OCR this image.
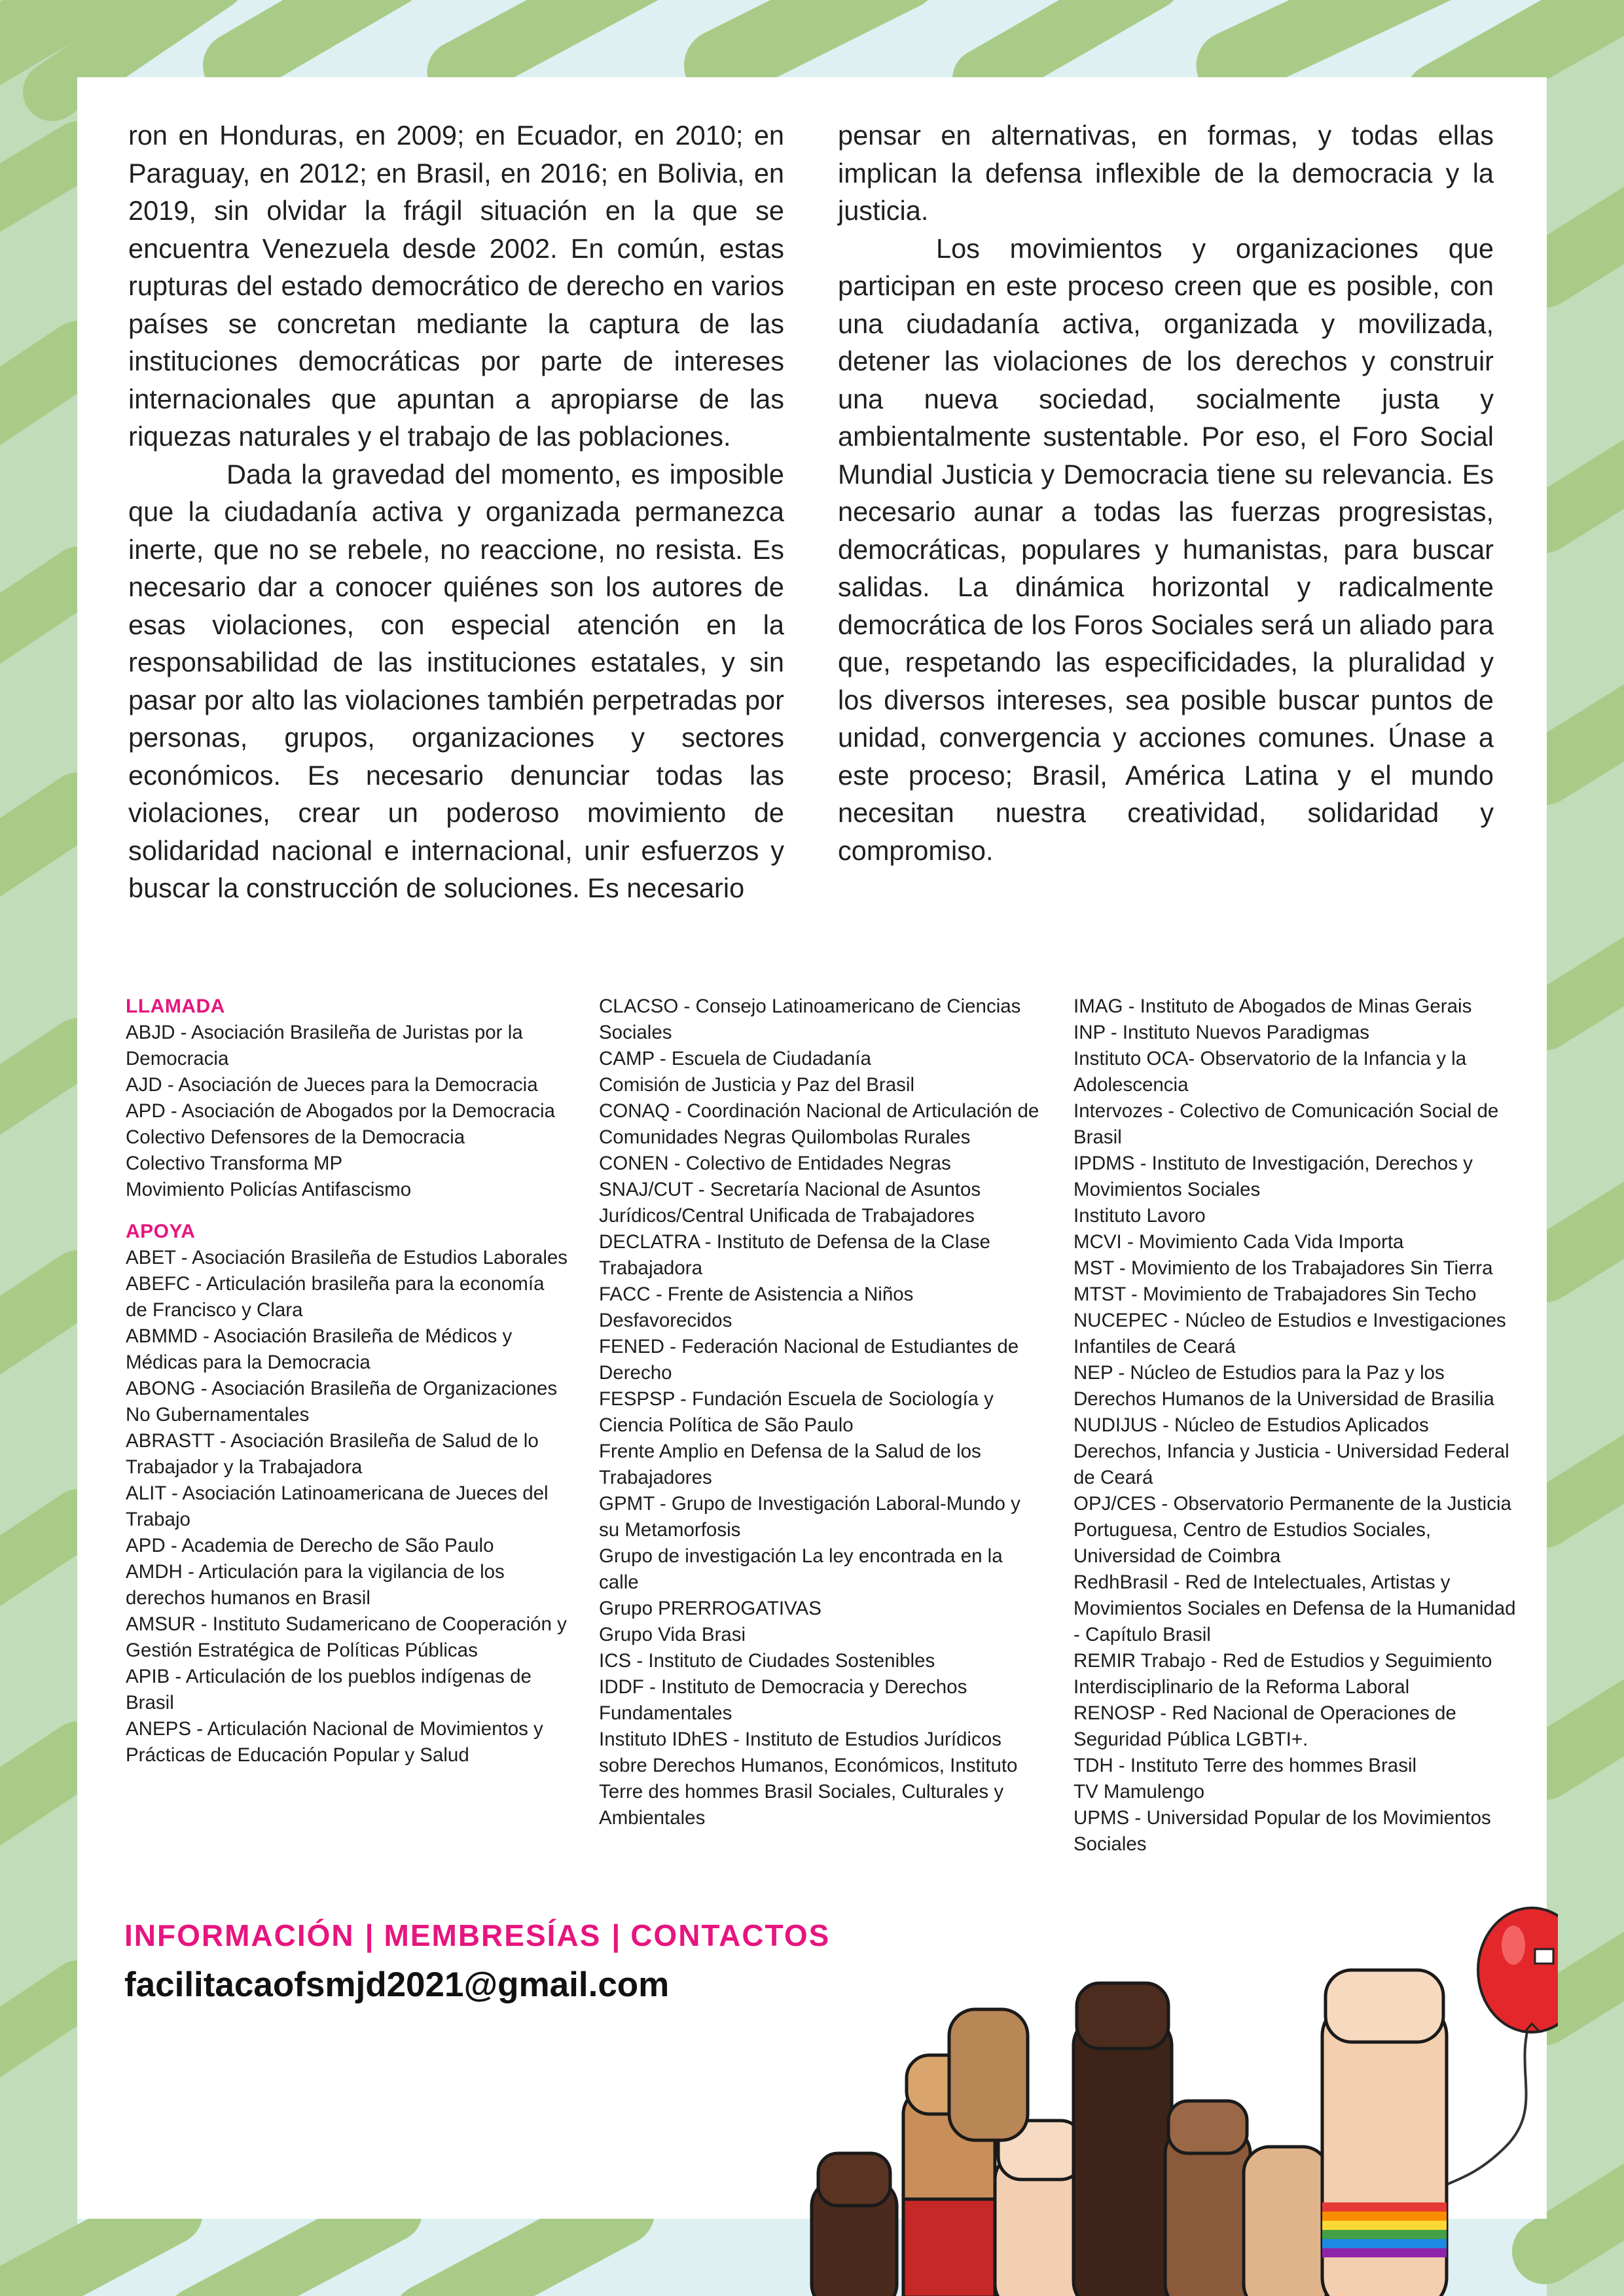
ron en Honduras, en 2009; en Ecuador, en 2010; en Paraguay, en 2012; en Brasil, en 2016; en Bolivia, en 2019, sin olvidar la frágil situación en la que se encuentra Venezuela desde 2002. En común, estas rupturas del estado democrático de derecho en varios países se concretan mediante la captura de las instituciones democráticas por parte de intereses internacionales que apuntan a apropiarse de las riquezas naturales y el trabajo de las poblaciones.

Dada la gravedad del momento, es imposible que la ciudadanía activa y organizada permanezca inerte, que no se rebele, no reaccione, no resista. Es necesario dar a conocer quiénes son los autores de esas violaciones, con especial atención en la responsabilidad de las instituciones estatales, y sin pasar por alto las violaciones también perpetradas por personas, grupos, organizaciones y sectores económicos. Es necesario denunciar todas las violaciones, crear un poderoso movimiento de solidaridad nacional e internacional, unir esfuerzos y buscar la construcción de soluciones. Es necesario

pensar en alternativas, en formas, y todas ellas implican la defensa inflexible de la democracia y la justicia.

Los movimientos y organizaciones que participan en este proceso creen que es posible, con una ciudadanía activa, organizada y movilizada, detener las violaciones de los derechos y construir una nueva sociedad, socialmente justa y ambientalmente sustentable. Por eso, el Foro Social Mundial Justicia y Democracia tiene su relevancia. Es necesario aunar a todas las fuerzas progresistas, democráticas, populares y humanistas, para buscar salidas. La dinámica horizontal y radicalmente democrática de los Foros Sociales será un aliado para que, respetando las especificidades, la pluralidad y los diversos intereses, sea posible buscar puntos de unidad, convergencia y acciones comunes. Únase a este proceso; Brasil, América Latina y el mundo necesitan nuestra creatividad, solidaridad y compromiso.

LLAMADA

ABJD - Asociación Brasileña de Juristas por la Democracia

AJD - Asociación de Jueces para la Democracia

APD - Asociación de Abogados por la Democracia

Colectivo Defensores de la Democracia

Colectivo Transforma MP

Movimiento Policías Antifascismo

APOYA

ABET - Asociación Brasileña de Estudios Laborales

ABEFC - Articulación brasileña para la economía de Francisco y Clara

ABMMD - Asociación Brasileña de Médicos y Médicas para la Democracia

ABONG - Asociación Brasileña de Organizaciones No Gubernamentales

ABRASTT - Asociación Brasileña de Salud de lo Trabajador y la Trabajadora

ALIT - Asociación Latinoamericana de Jueces del Trabajo

APD - Academia de Derecho de São Paulo

AMDH - Articulación para la vigilancia de los derechos humanos en Brasil

AMSUR - Instituto Sudamericano de Cooperación y Gestión Estratégica de Políticas Públicas

APIB - Articulación de los pueblos indígenas de Brasil

ANEPS - Articulación Nacional de Movimientos y Prácticas de Educación Popular y Salud

CLACSO - Consejo Latinoamericano de Ciencias Sociales

CAMP - Escuela de Ciudadanía

Comisión de Justicia y Paz del Brasil

CONAQ - Coordinación Nacional de Articulación de Comunidades Negras Quilombolas Rurales

CONEN - Colectivo de Entidades Negras

SNAJ/CUT - Secretaría Nacional de Asuntos Jurídicos/Central Unificada de Trabajadores

DECLATRA - Instituto de Defensa de la Clase Trabajadora

FACC - Frente de Asistencia a Niños Desfavorecidos

FENED - Federación Nacional de Estudiantes de Derecho

FESPSP - Fundación Escuela de Sociología y Ciencia Política de São Paulo

Frente Amplio en Defensa de la Salud de los Trabajadores

GPMT - Grupo de Investigación Laboral-Mundo y su Metamorfosis

Grupo de investigación La ley encontrada en la calle

Grupo PRERROGATIVAS

Grupo Vida Brasi

ICS - Instituto de Ciudades Sostenibles

IDDF - Instituto de Democracia y Derechos Fundamentales

Instituto IDhES - Instituto de Estudios Jurídicos sobre Derechos Humanos, Económicos, Instituto Terre des hommes Brasil Sociales, Culturales y Ambientales

IMAG - Instituto de Abogados de Minas Gerais

INP - Instituto Nuevos Paradigmas

Instituto OCA- Observatorio de la Infancia y la Adolescencia

Intervozes - Colectivo de Comunicación Social de Brasil

IPDMS - Instituto de Investigación, Derechos y Movimientos Sociales

Instituto Lavoro

MCVI - Movimiento Cada Vida Importa

MST - Movimiento de los Trabajadores Sin Tierra

MTST - Movimiento de Trabajadores Sin Techo

NUCEPEC - Núcleo de Estudios e Investigaciones Infantiles de Ceará

NEP - Núcleo de Estudios para la Paz y los Derechos Humanos de la Universidad de Brasilia

NUDIJUS - Núcleo de Estudios Aplicados Derechos, Infancia y Justicia - Universidad Federal de Ceará

OPJ/CES - Observatorio Permanente de la Justicia Portuguesa, Centro de Estudios Sociales, Universidad de Coimbra

RedhBrasil - Red de Intelectuales, Artistas y Movimientos Sociales en Defensa de la Humanidad - Capítulo Brasil

REMIR Trabajo - Red de Estudios y Seguimiento Interdisciplinario de la Reforma Laboral

RENOSP - Red Nacional de Operaciones de Seguridad Pública LGBTI+.

TDH - Instituto Terre des hommes Brasil

TV Mamulengo

UPMS - Universidad Popular de los Movimientos Sociales

INFORMACIÓN | MEMBRESÍAS | CONTACTOS
facilitacaofsmjd2021@gmail.com
